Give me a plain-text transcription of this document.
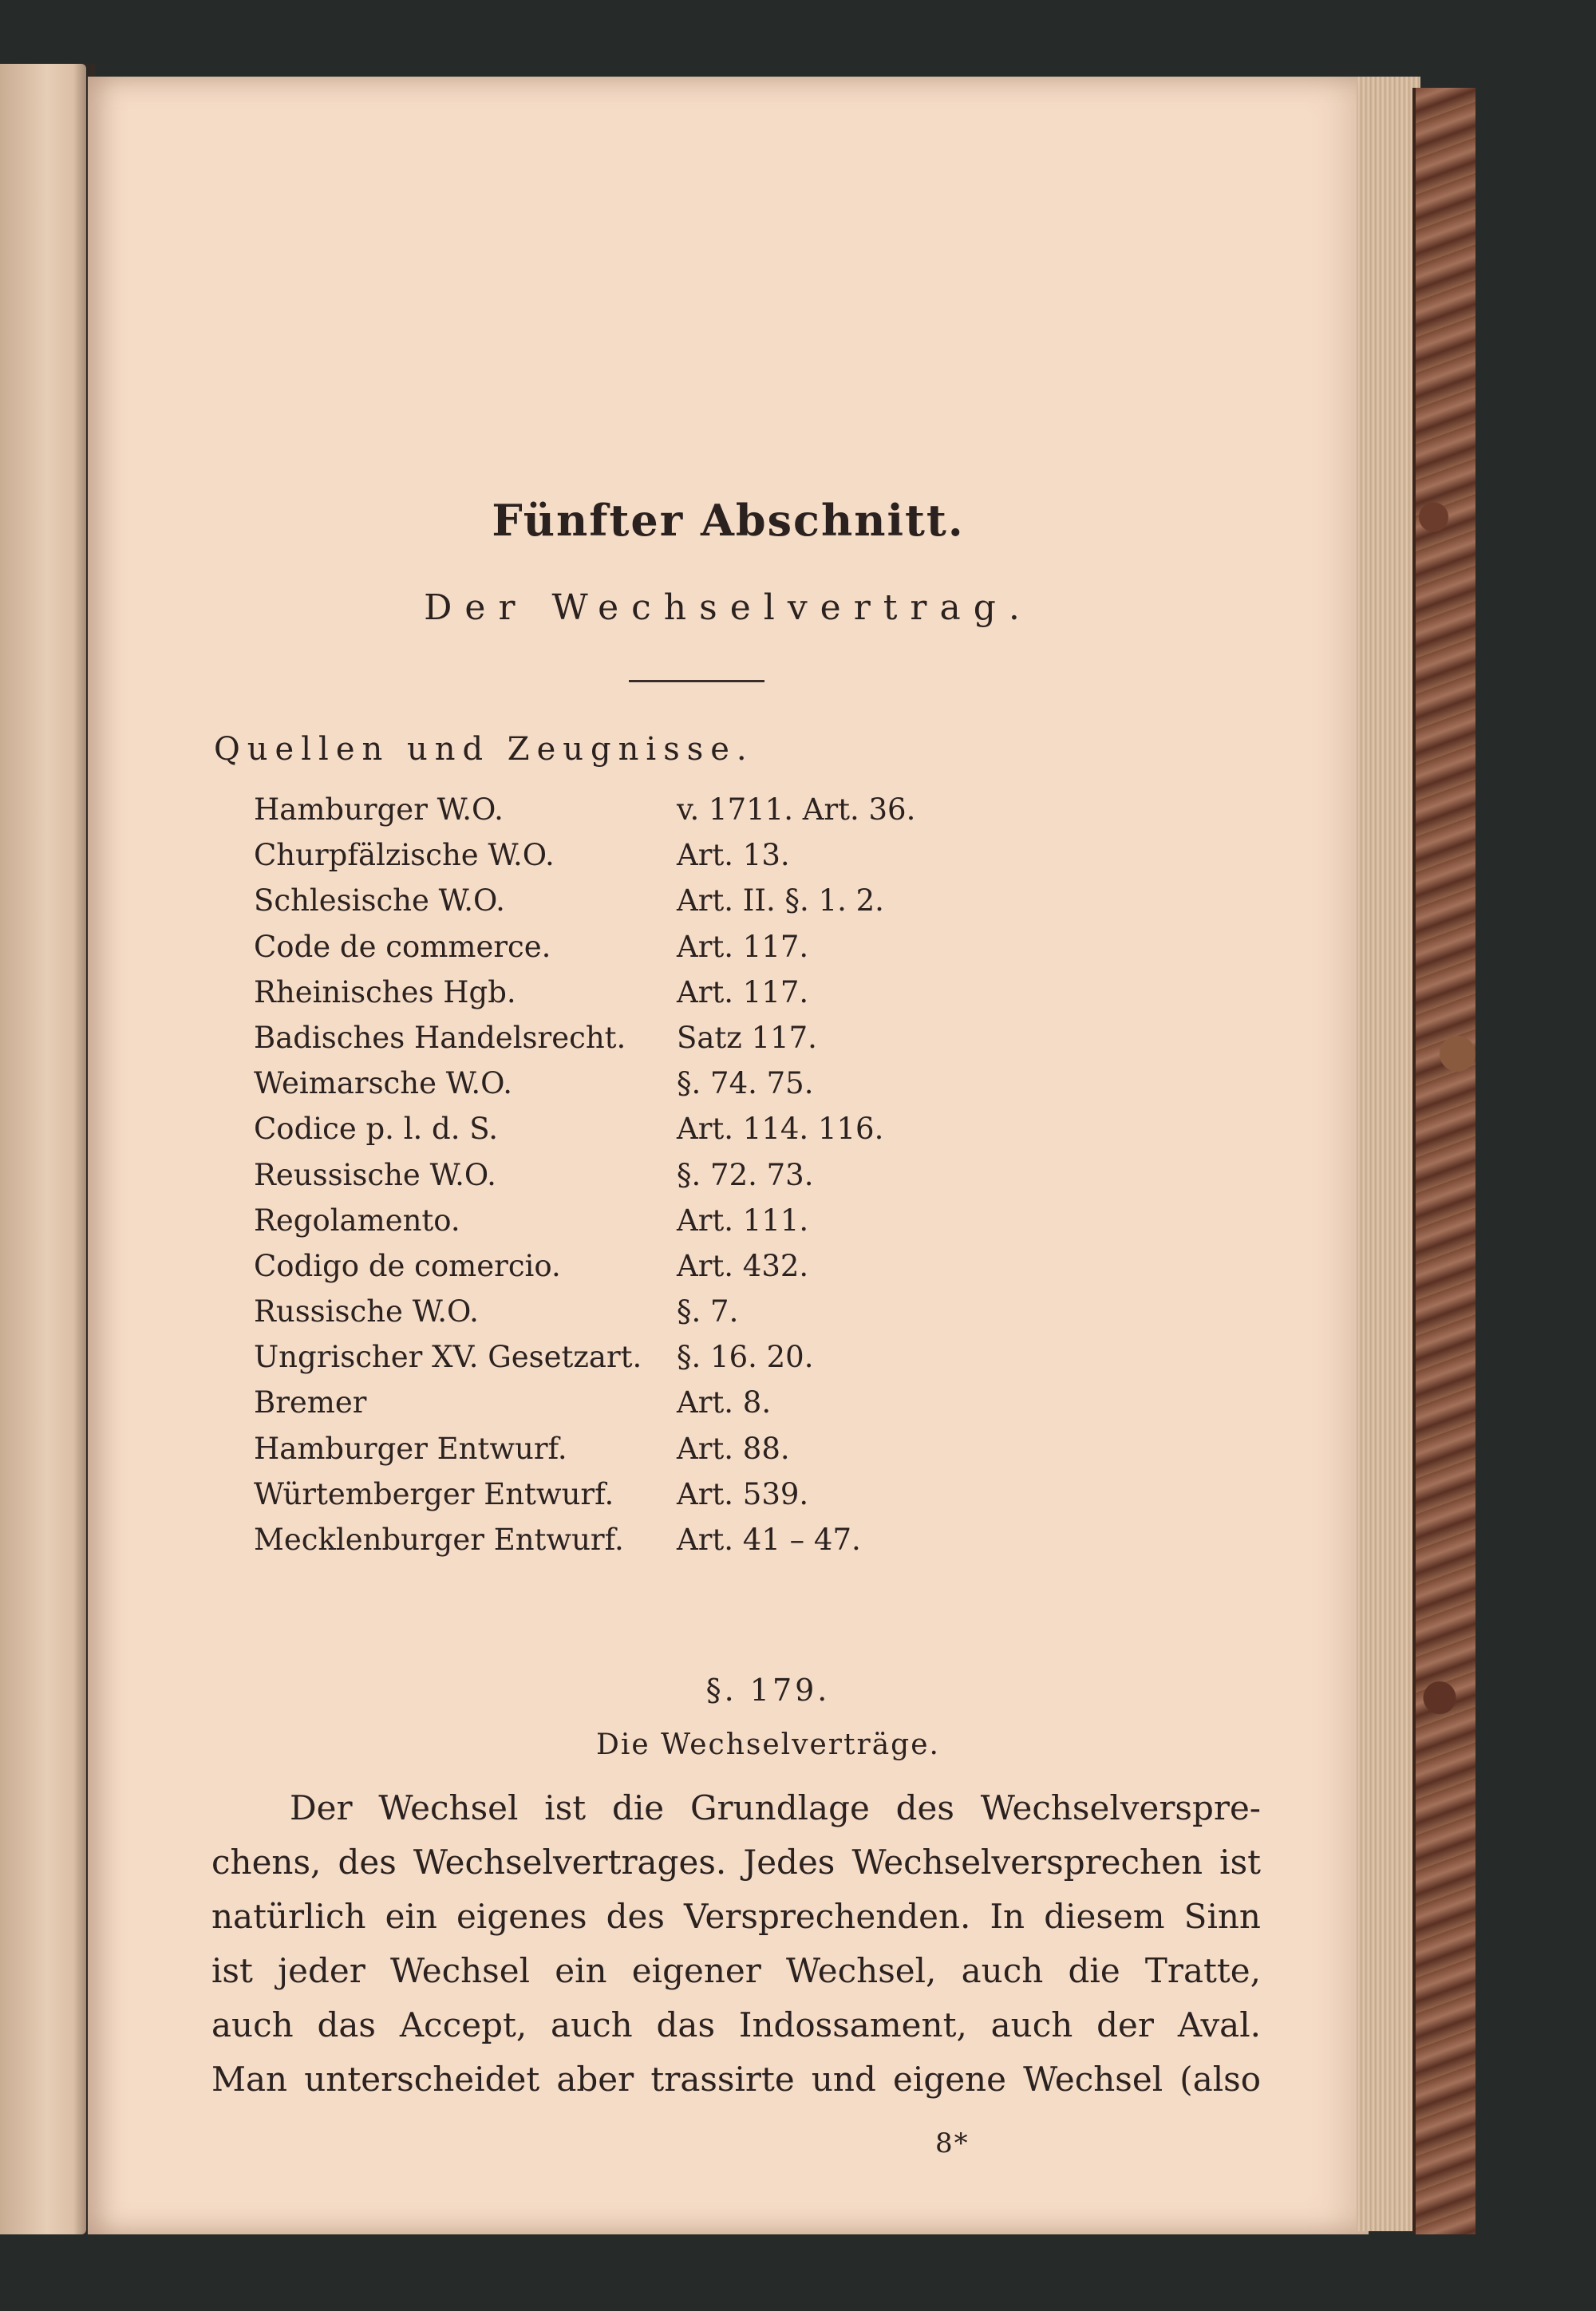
Fünfter Abschnitt.
Der Wechselvertrag.
Quellen und Zeugnisse.
Hamburger W.O.	v. 1711. Art. 36.
Churpfälzische W.O.	Art. 13.
Schlesische W.O.	Art. II. §. 1. 2.
Code de commerce.	Art. 117.
Rheinisches Hgb.	Art. 117.
Badisches Handelsrecht. Satz 117.
Weimarsche W.O.	§. 74. 75.
Codice p. l. d. S.	Art. 114. 116.
Reussische W.O.	§. 72. 73.
Regolamento.	Art. 111.
Codigo de comercio.	Art. 432.
Russische W.O.	§. 7.
Ungrischer XV. Gesetzart. §. 16. 20.
Bremer	Art. 8.
Hamburger Entwurf.	Art. 88.
Würtemberger Entwurf. Art. 539.
Mecklenburger Entwurf. Art. 41 – 47.
§. 179.
Die Wechselverträge.
Der Wechsel ist die Grundlage des Wechselverspre-
chens, des Wechselvertrages. Jedes Wechselversprechen ist
natürlich ein eigenes des Versprechenden. In diesem Sinn
ist jeder Wechsel ein eigener Wechsel, auch die Tratte,
auch das Accept, auch das Indossament, auch der Aval.
Man unterscheidet aber trassirte und eigene Wechsel (also
8*
